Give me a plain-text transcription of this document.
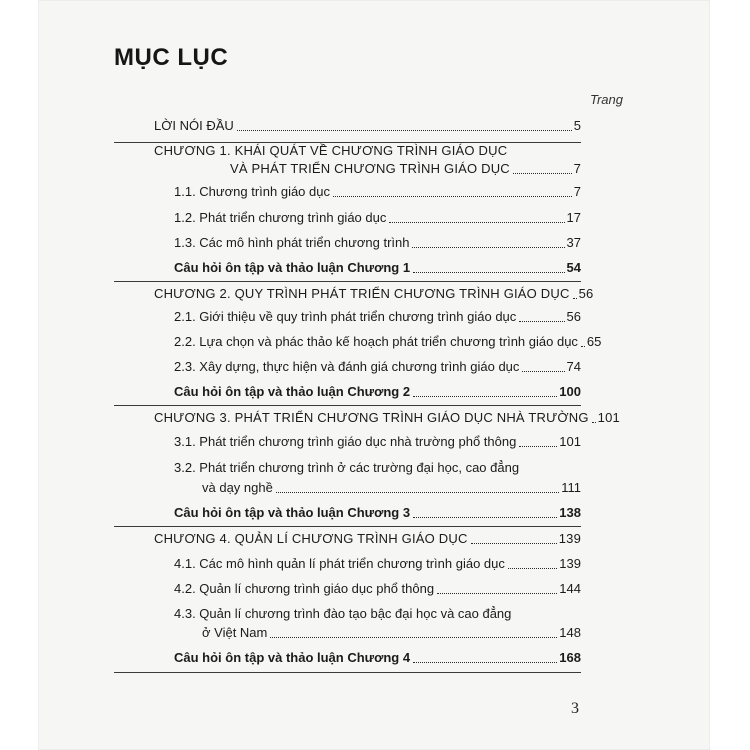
MỤC LỤC
Trang
LỜI NÓI ĐẦU	5
CHƯƠNG 1. KHÁI QUÁT VỀ CHƯƠNG TRÌNH GIÁO DỤC
VÀ PHÁT TRIỂN CHƯƠNG TRÌNH GIÁO DỤC	7
1.1. Chương trình giáo dục	7
1.2. Phát triển chương trình giáo dục	17
1.3. Các mô hình phát triển chương trình	37
Câu hỏi ôn tập và thảo luận Chương 1	54
CHƯƠNG 2. QUY TRÌNH PHÁT TRIỂN CHƯƠNG TRÌNH GIÁO DỤC 56
2.1. Giới thiệu về quy trình phát triển chương trình giáo dục	56
2.2. Lựa chọn và phác thảo kế hoạch phát triển chương trình giáo dục 65
2.3. Xây dựng, thực hiện và đánh giá chương trình giáo dục	74
Câu hỏi ôn tập và thảo luận Chương 2	100
CHƯƠNG 3. PHÁT TRIỂN CHƯƠNG TRÌNH GIÁO DỤC NHÀ TRƯỜNG 101
3.1. Phát triển chương trình giáo dục nhà trường phổ thông	101
3.2. Phát triển chương trình ở các trường đại học, cao đẳng
và dạy nghề	111
Câu hỏi ôn tập và thảo luận Chương 3	138
CHƯƠNG 4. QUẢN LÍ CHƯƠNG TRÌNH GIÁO DỤC	139
4.1. Các mô hình quản lí phát triển chương trình giáo dục	139
4.2. Quản lí chương trình giáo dục phổ thông	144
4.3. Quản lí chương trình đào tạo bậc đại học và cao đẳng
ở Việt Nam	148
Câu hỏi ôn tập và thảo luận Chương 4	168
3
